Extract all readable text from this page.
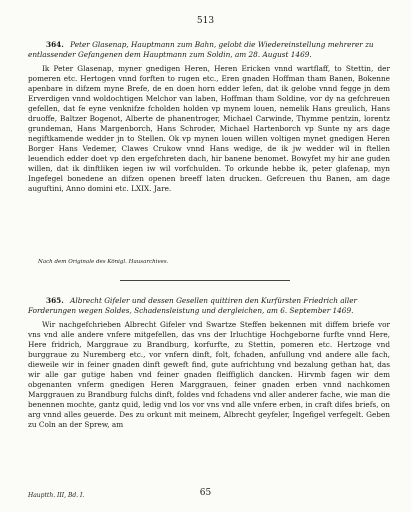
513
364. Peter Glasenap, Hauptmann zum Bahn, gelobt die Wiedereinstellung mehrerer zu entlassender Gefangenen dem Hauptmann zum Soldin, am 28. August 1469.
Ik Peter Glasenap, myner gnedigen Heren, Heren Ericken vnnd wartflaff, to Stettin, der pomeren etc. Hertogen vnnd forften to rugen etc., Eren gnaden Hoffman tham Banen, Bokenne apenbare in difzem myne Brefe, de en doen horn edder lefen, dat ik gelobe vnnd fegge jn dem Erverdigen vnnd woldochtigen Melchor van laben, Hoffman tham Soldine, vor dy na gefchreuen gefellen, dat fe eyne venknifze fcholden holden vp mynem louen, nemelik Hans greulich, Hans druoffe, Baltzer Bogenot, Alberte de phanentroger, Michael Carwinde, Thymme pentzin, lorentz grundeman, Hans Margenborch, Hans Schroder, Michael Hartenborch vp Sunte ny ars dage negiftkamende wedder jn to Stellen. Ok vp mynen louen willen voltigen mynet gnedigen Heren Borger Hans Vedemer, Clawes Crukow vnnd Hans wedige, de ik jw wedder wil in ftellen leuendich edder doet vp den ergefchreten dach, hir banene benomet. Bowyfet my hir ane guden willen, dat ik dinftliken iegen iw wil vorfchulden. To orkunde hebbe ik, peter glafenap, myn Ingefegel bonedene an difzen openen breeff laten drucken. Gefcreuen thu Banen, am dage auguftini, Anno domini etc. LXIX. Jare.
Nach dem Originale des Königl. Hausarchives.
365. Albrecht Gifeler und dessen Gesellen quittiren den Kurfürsten Friedrich aller Forderungen wegen Soldes, Schadensleistung und dergleichen, am 6. September 1469.
Wir nachgefchrieben Albrecht Gifeler vnd Swartze Steffen bekennen mit diffem briefe vor vns vnd alle andere vnfere mitgefellen, das vns der Irluchtige Hochgeborne furfte vnnd Here, Here fridrich, Marggraue zu Brandburg, korfurfte, zu Stettin, pomeren etc. Hertzoge vnd burggraue zu Nuremberg etc., vor vnfern dinft, folt, fchaden, anfullung vnd andere alle fach, dieweile wir in feiner gnaden dinft geweft find, gute aufrichtung vnd bezalung gethan hat, das wir alle gar gutige haben vnd feiner gnaden fleiffiglich dancken. Hirvmb fagen wir dem obgenanten vnferm gnedigen Heren Marggrauen, feiner gnaden erben vnnd nachkomen Marggrauen zu Brandburg fulchs dinft, foldes vnd fchadens vnd aller anderer fache, wie man die benennen mochte, gantz quid, ledig vnd los vor vns vnd alle vnfere erben, in craft difes briefs, on arg vnnd alles geuerde. Des zu orkunt mit meinem, Albrecht geyfeler, Ingefigel verfegelt. Geben zu Coln an der Sprew, am
Hauptth. III, Bd. I.	65
